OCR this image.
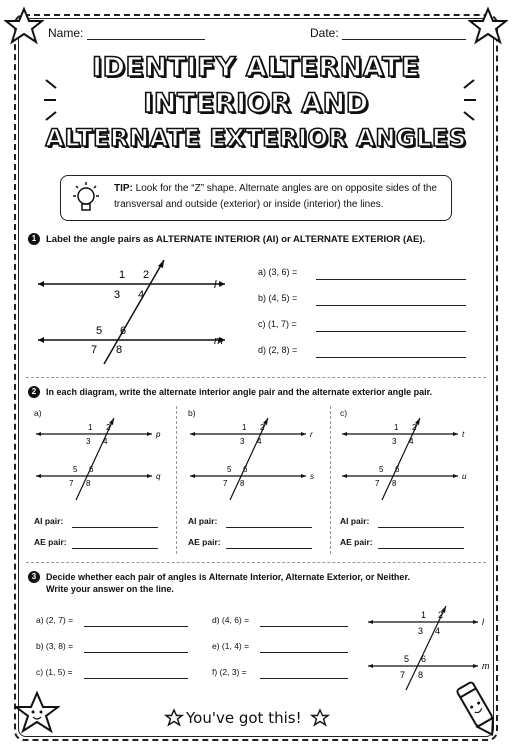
Name:	Date:
IDENTIFY ALTERNATE
INTERIOR AND
ALTERNATE EXTERIOR ANGLES
TIP: Look for the “Z” shape. Alternate angles are on opposite sides of the transversal and outside (exterior) or inside (interior) the lines.
1	Label the angle pairs as ALTERNATE INTERIOR (AI) or ALTERNATE EXTERIOR (AE).
1 2
3 4
5 6
7 8
l
m
a) (3, 6) =
b) (4, 5) =
c) (1, 7) =
d) (2, 8) =
2	In each diagram, write the alternate interior angle pair and the alternate exterior angle pair.
a)
1 2
3 4
5 6
7 8
p
q
AI pair:
AE pair:
b)
1 2
3 4
5 6
7 8
r
s
AI pair:
AE pair:
c)
1 2
3 4
5 6
7 8
t
u
AI pair:
AE pair:
3	Decide whether each pair of angles is Alternate Interior, Alternate Exterior, or Neither.
Write your answer on the line.
a) (2, 7) =	d) (4, 6) =
b) (3, 8) =	e) (1, 4) =
c) (1, 5) =	f) (2, 3) =
1 2
3 4
5 6
7 8
l
m
You've got this!
